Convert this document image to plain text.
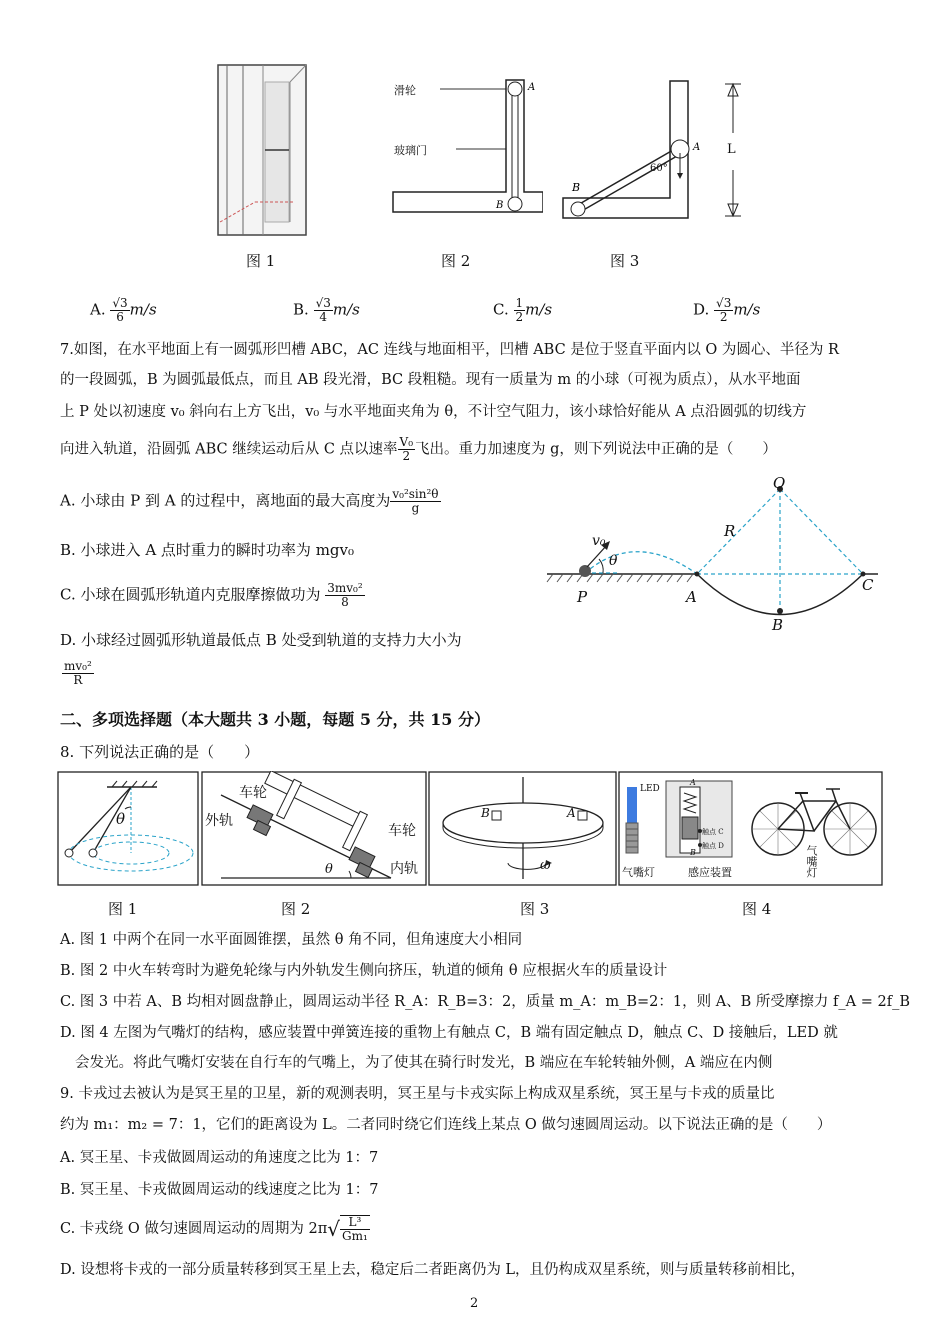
A
B
滑轮
玻璃门
B
A
60°
L
图 1	图 2	图 3
A. $\frac{√3}{6} m/s$	B. $\frac{√3}{4} m/s$	C. $\frac{1}{2} m/s$	D. $\frac{√3}{2} m/s$
7.如图，在水平地面上有一圆弧形凹槽 ABC，AC 连线与地面相平，凹槽 ABC 是位于竖直平面内以 O 为圆心、半径为 R
的一段圆弧，B 为圆弧最低点，而且 AB 段光滑，BC 段粗糙。现有一质量为 m 的小球（可视为质点），从水平地面
上 P 处以初速度 v₀ 斜向右上方飞出，v₀ 与水平地面夹角为 θ，不计空气阻力，该小球恰好能从 A 点沿圆弧的切线方
向进入轨道，沿圆弧 ABC 继续运动后从 C 点以速率 $\frac{\text{V₀}}{2}$ 飞出。重力加速度为 g，则下列说法中正确的是（　　）
A. 小球由 P 到 A 的过程中，离地面的最大高度为 $\frac{\text{v₀²sin²θ}}{g}$
B. 小球进入 A 点时重力的瞬时功率为 mgv₀
C. 小球在圆弧形轨道内克服摩擦做功为 $\frac{\text{3mv₀²}}{8}$
D. 小球经过圆弧形轨道最低点 B 处受到轨道的支持力大小为
$\frac{\text{mv₀²}}{R}$
O
R
v₀
θ
P	A
B
C
二、多项选择题（本大题共 3 小题，每题 5 分，共 15 分）
8. 下列说法正确的是（　　）
θ
车轮
外轨
车轮
内轨
θ
B	A
ω
LED
气嘴灯	感应装置
A
B
触点 C
触点 D	气嘴灯
图 1	图 2	图 3	图 4
A. 图 1 中两个在同一水平面圆锥摆，虽然 θ 角不同，但角速度大小相同
B. 图 2 中火车转弯时为避免轮缘与内外轨发生侧向挤压，轨道的倾角 θ 应根据火车的质量设计
C. 图 3 中若 A、B 均相对圆盘静止，圆周运动半径 R_A：R_B=3：2，质量 m_A：m_B=2：1，则 A、B 所受摩擦力 f_A = 2f_B
D. 图 4 左图为气嘴灯的结构，感应装置中弹簧连接的重物上有触点 C，B 端有固定触点 D，触点 C、D 接触后，LED 就
会发光。将此气嘴灯安装在自行车的气嘴上，为了使其在骑行时发光，B 端应在车轮转轴外侧，A 端应在内侧
9. 卡戎过去被认为是冥王星的卫星，新的观测表明，冥王星与卡戎实际上构成双星系统，冥王星与卡戎的质量比
约为 m₁：m₂ = 7：1，它们的距离设为 L。二者同时绕它们连线上某点 O 做匀速圆周运动。以下说法正确的是（　　）
A. 冥王星、卡戎做圆周运动的角速度之比为 1：7
B. 冥王星、卡戎做圆周运动的线速度之比为 1：7
C. 卡戎绕 O 做匀速圆周运动的周期为 $2\pi√ \frac{\text{L³}}{\text{Gm₁}}$
D. 设想将卡戎的一部分质量转移到冥王星上去，稳定后二者距离仍为 L，且仍构成双星系统，则与质量转移前相比，
2
